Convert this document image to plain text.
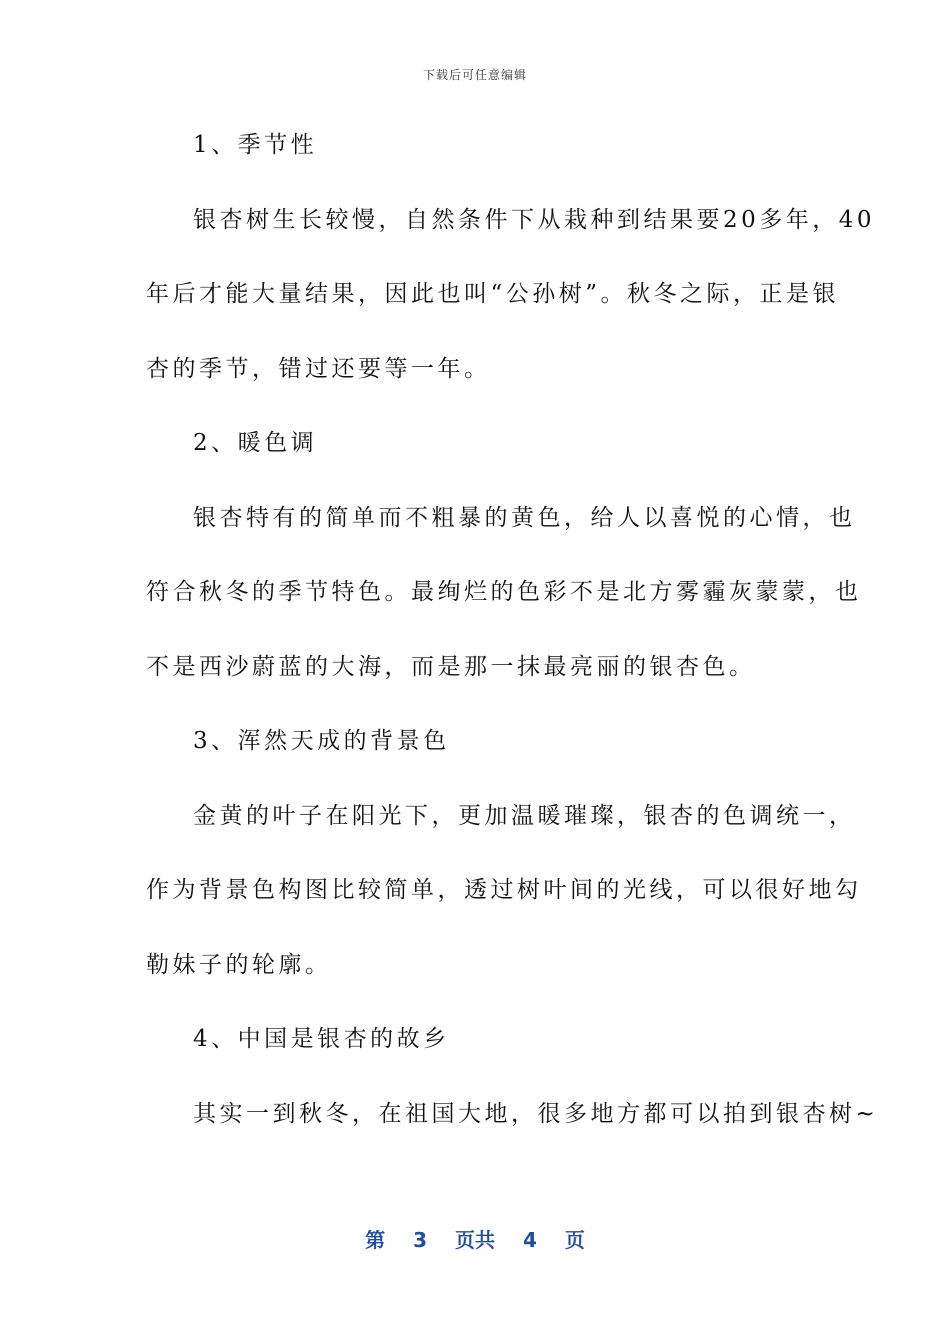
下载后可任意编辑
1、季节性
银杏树生长较慢，自然条件下从栽种到结果要20多年，40
年后才能大量结果，因此也叫“公孙树”。秋冬之际，正是银
杏的季节，错过还要等一年。
2、暖色调
银杏特有的简单而不粗暴的黄色，给人以喜悦的心情，也
符合秋冬的季节特色。最绚烂的色彩不是北方雾霾灰蒙蒙，也
不是西沙蔚蓝的大海，而是那一抹最亮丽的银杏色。
3、浑然天成的背景色
金黄的叶子在阳光下，更加温暖璀璨，银杏的色调统一，
作为背景色构图比较简单，透过树叶间的光线，可以很好地勾
勒妹子的轮廓。
4、中国是银杏的故乡
其实一到秋冬，在祖国大地，很多地方都可以拍到银杏树~
第 3 页共 4 页
